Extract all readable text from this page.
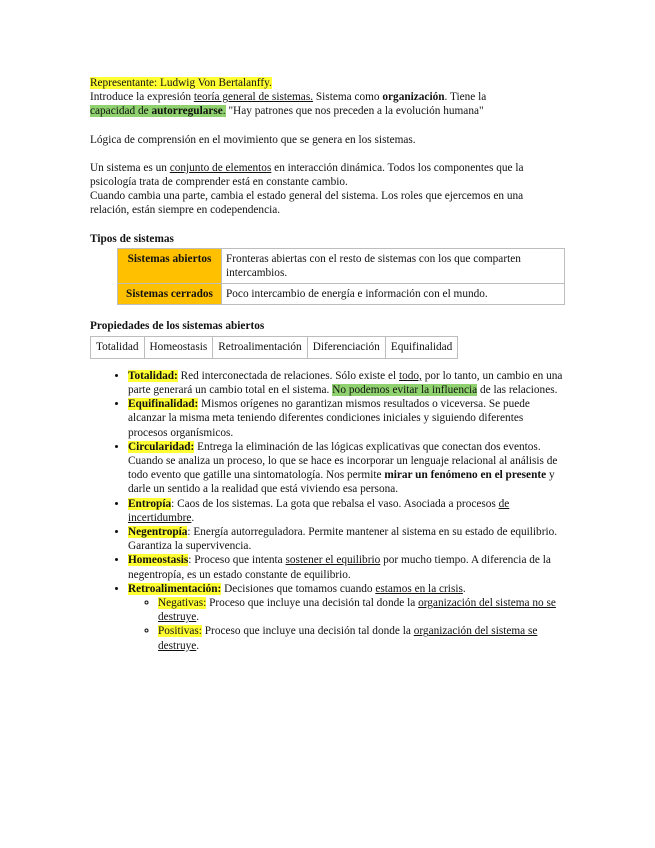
Representante: Ludwig Von Bertalanffy.

Introduce la expresión teoría general de sistemas. Sistema como organización. Tiene la

capacidad de autorregularse. "Hay patrones que nos preceden a la evolución humana"

Lógica de comprensión en el movimiento que se genera en los sistemas.

Un sistema es un conjunto de elementos en interacción dinámica. Todos los componentes que la psicología trata de comprender está en constante cambio.

Cuando cambia una parte, cambia el estado general del sistema. Los roles que ejercemos en una relación, están siempre en codependencia.

Tipos de sistemas
Sistemas abiertos	Fronteras abiertas con el resto de sistemas con los que comparten intercambios.
Sistemas cerrados	Poco intercambio de energía e información con el mundo.
Propiedades de los sistemas abiertos
Totalidad	Homeostasis	Retroalimentación	Diferenciación	Equifinalidad
• Totalidad: Red interconectada de relaciones. Sólo existe el todo, por lo tanto, un cambio en una parte generará un cambio total en el sistema. No podemos evitar la influencia de las relaciones.
• Equifinalidad: Mismos orígenes no garantizan mismos resultados o viceversa. Se puede alcanzar la misma meta teniendo diferentes condiciones iniciales y siguiendo diferentes procesos organísmicos.
• Circularidad: Entrega la eliminación de las lógicas explicativas que conectan dos eventos. Cuando se analiza un proceso, lo que se hace es incorporar un lenguaje relacional al análisis de todo evento que gatille una sintomatología. Nos permite mirar un fenómeno en el presente y darle un sentido a la realidad que está viviendo esa persona.
• Entropía: Caos de los sistemas. La gota que rebalsa el vaso. Asociada a procesos de incertidumbre.
• Negentropía: Energía autorreguladora. Permite mantener al sistema en su estado de equilibrio. Garantiza la supervivencia.
• Homeostasis: Proceso que intenta sostener el equilibrio por mucho tiempo. A diferencia de la negentropía, es un estado constante de equilibrio.
• Retroalimentación: Decisiones que tomamos cuando estamos en la crisis.
◦ Negativas: Proceso que incluye una decisión tal donde la organización del sistema no se destruye.
◦ Positivas: Proceso que incluye una decisión tal donde la organización del sistema se destruye.
